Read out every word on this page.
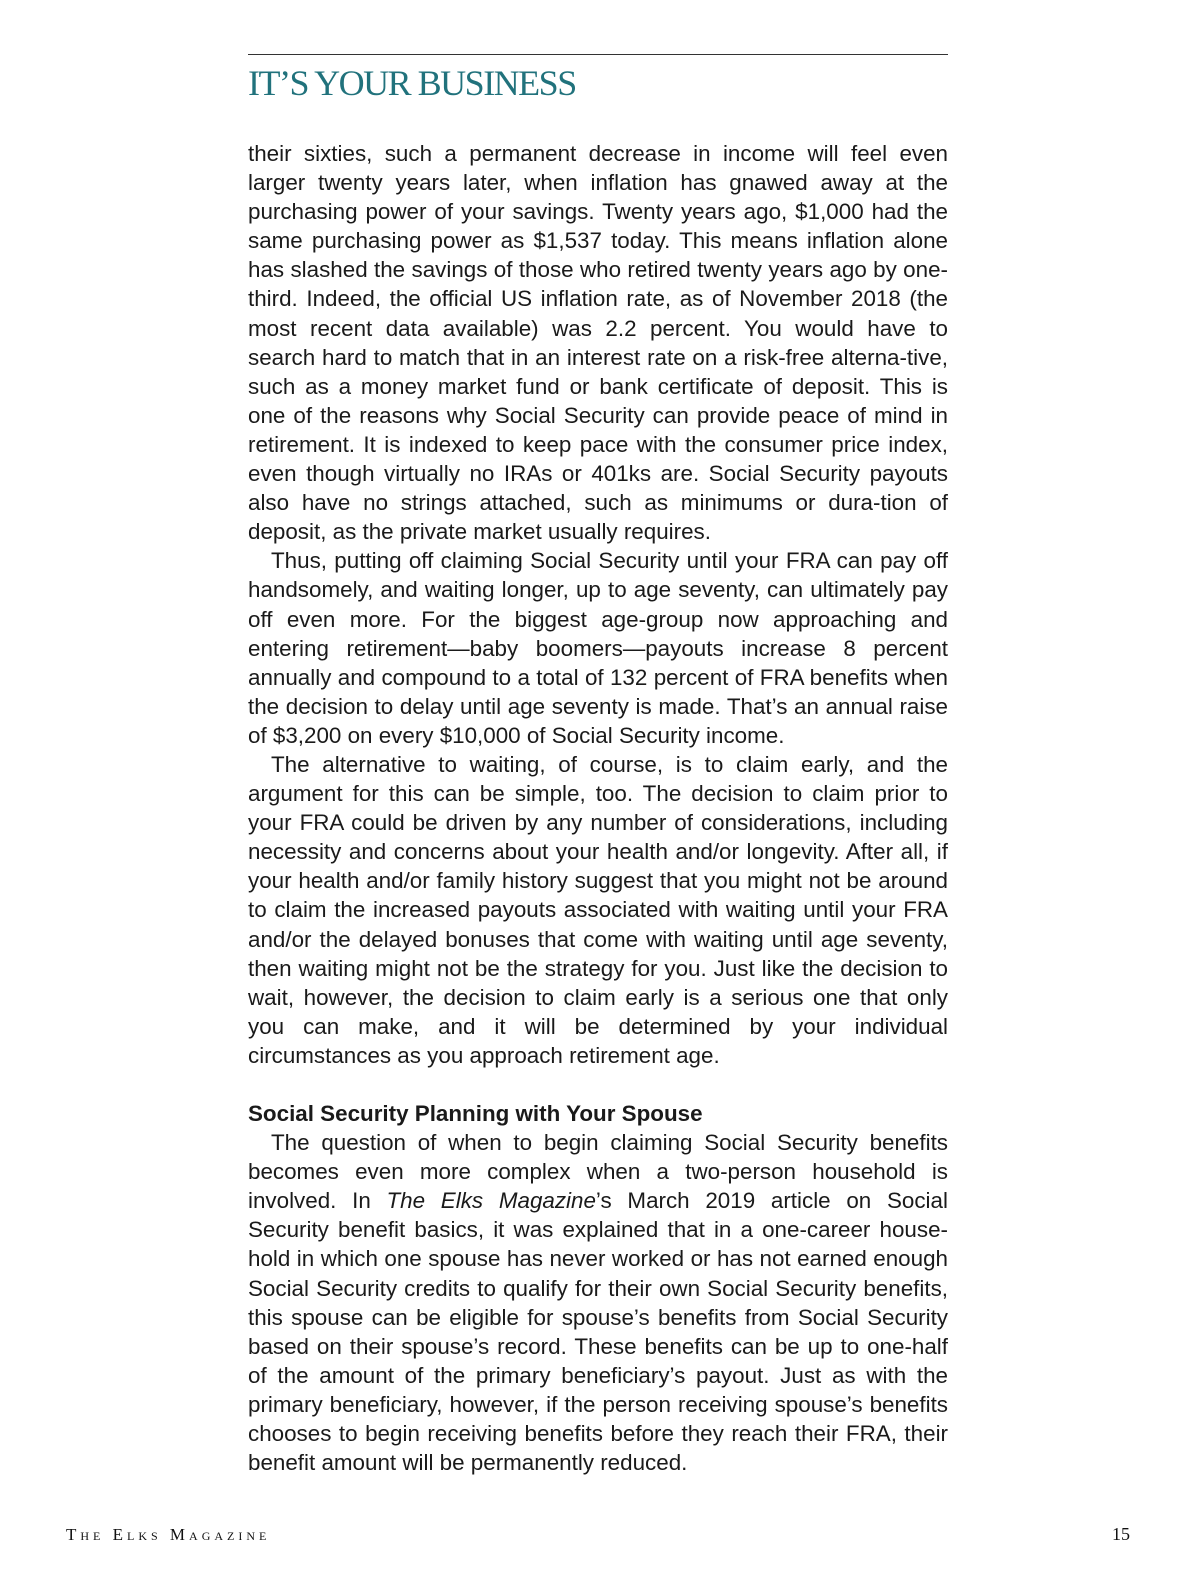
IT’S YOUR BUSINESS

their sixties, such a permanent decrease in income will feel even larger twenty years later, when inflation has gnawed away at the purchasing power of your savings. Twenty years ago, $1,000 had the same purchasing power as $1,537 today. This means inflation alone has slashed the savings of those who retired twenty years ago by one-third. Indeed, the official US inflation rate, as of November 2018 (the most recent data available) was 2.2 percent. You would have to search hard to match that in an interest rate on a risk-free alterna-tive, such as a money market fund or bank certificate of deposit. This is one of the reasons why Social Security can provide peace of mind in retirement. It is indexed to keep pace with the consumer price index, even though virtually no IRAs or 401ks are. Social Security payouts also have no strings attached, such as minimums or dura-tion of deposit, as the private market usually requires.

Thus, putting off claiming Social Security until your FRA can pay off handsomely, and waiting longer, up to age seventy, can ultimately pay off even more. For the biggest age-group now approaching and entering retirement—baby boomers—payouts increase 8 percent annually and compound to a total of 132 percent of FRA benefits when the decision to delay until age seventy is made. That’s an annual raise of $3,200 on every $10,000 of Social Security income.

The alternative to waiting, of course, is to claim early, and the argument for this can be simple, too. The decision to claim prior to your FRA could be driven by any number of considerations, including necessity and concerns about your health and/or longevity. After all, if your health and/or family history suggest that you might not be around to claim the increased payouts associated with waiting until your FRA and/or the delayed bonuses that come with waiting until age seventy, then waiting might not be the strategy for you. Just like the decision to wait, however, the decision to claim early is a serious one that only you can make, and it will be determined by your individual circumstances as you approach retirement age.

Social Security Planning with Your Spouse

The question of when to begin claiming Social Security benefits becomes even more complex when a two-person household is involved. In The Elks Magazine’s March 2019 article on Social Security benefit basics, it was explained that in a one-career house-hold in which one spouse has never worked or has not earned enough Social Security credits to qualify for their own Social Security benefits, this spouse can be eligible for spouse’s benefits from Social Security based on their spouse’s record. These benefits can be up to one-half of the amount of the primary beneficiary’s payout. Just as with the primary beneficiary, however, if the person receiving spouse’s benefits chooses to begin receiving benefits before they reach their FRA, their benefit amount will be permanently reduced.

The Elks Magazine	15
